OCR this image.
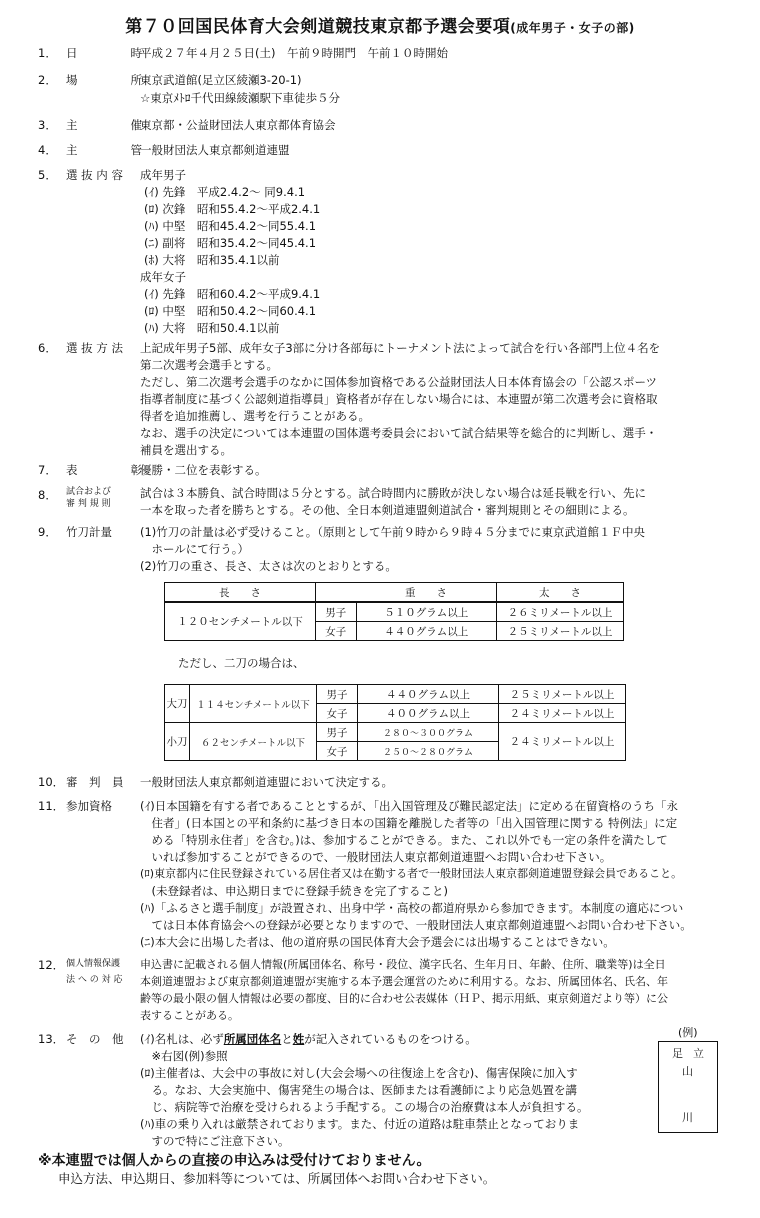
第７０回国民体育大会剣道競技東京都予選会要項(成年男子・女子の部)
1． 日	時
平成２７年４月２５日(土)　午前９時開門　午前１０時開始
2． 場	所
東京武道館(足立区綾瀬3-20-1)
☆東京ﾒﾄﾛ千代田線綾瀬駅下車徒歩５分
3． 主	催
東京都・公益財団法人東京都体育協会
4． 主	管
一般財団法人東京都剣道連盟
5． 選 抜 内 容	成年男子
(ｲ) 先鋒　平成2.4.2～ 同9.4.1
(ﾛ) 次鋒　昭和55.4.2～平成2.4.1
(ﾊ) 中堅　昭和45.4.2～同55.4.1
(ﾆ) 副将　昭和35.4.2～同45.4.1
(ﾎ) 大将　昭和35.4.1以前
成年女子
(ｲ) 先鋒　昭和60.4.2～平成9.4.1
(ﾛ) 中堅　昭和50.4.2～同60.4.1
(ﾊ) 大将　昭和50.4.1以前
6． 選 抜 方 法	上記成年男子5部、成年女子3部に分け各部毎にトーナメント法によって試合を行い各部門上位４名を
第二次選考会選手とする。
ただし、第二次選考会選手のなかに国体参加資格である公益財団法人日本体育協会の「公認スポーツ
指導者制度に基づく公認剣道指導員」資格者が存在しない場合には、本連盟が第二次選考会に資格取
得者を追加推薦し、選考を行うことがある。
なお、選手の決定については本連盟の国体選考委員会において試合結果等を総合的に判断し、選手・
補員を選出する。
7． 表	彰
優勝・二位を表彰する。
8．	試合および
審 判 規 則
試合は３本勝負、試合時間は５分とする。試合時間内に勝敗が決しない場合は延長戦を行い、先に
一本を取った者を勝ちとする。その他、全日本剣道連盟剣道試合・審判規則とその細則による。
9． 竹刀計量	(1)竹刀の計量は必ず受けること。（原則として午前９時から９時４５分までに東京武道館１Ｆ中央
　ホールにて行う。）
(2)竹刀の重さ、長さ、太さは次のとおりとする。
長　　さ		重　　さ	太　　さ
１２０センチメートル以下	男子	５１０グラム以上	２６ミリメートル以上
	女子	４４０グラム以上	２５ミリメートル以上
ただし、二刀の場合は、
大刀	１１４センチメートル以下	男子	４４０グラム以上	２５ミリメートル以上
		女子	４００グラム以上	２４ミリメートル以上
小刀	６２センチメートル以下	男子	２８０～３００グラム	２４ミリメートル以上
		女子	２５０～２８０グラム	
10． 審　判　員	一般財団法人東京都剣道連盟において決定する。
11． 参加資格	(ｲ)日本国籍を有する者であることとするが、「出入国管理及び難民認定法」に定める在留資格のうち「永
　住者」(日本国との平和条約に基づき日本の国籍を離脱した者等の「出入国管理に関する 特例法」に定
　める「特別永住者」を含む。)は、参加することができる。また、これ以外でも一定の条件を満たして
　いれば参加することができるので、一般財団法人東京都剣道連盟へお問い合わせ下さい。
(ﾛ)東京都内に住民登録されている居住者又は在勤する者で一般財団法人東京都剣道連盟登録会員であること。
　(未登録者は、申込期日までに登録手続きを完了すること)
(ﾊ)「ふるさと選手制度」が設置され、出身中学・高校の都道府県から参加できます。本制度の適応につい
　ては日本体育協会への登録が必要となりますので、一般財団法人東京都剣道連盟へお問い合わせ下さい。
(ﾆ)本大会に出場した者は、他の道府県の国民体育大会予選会には出場することはできない。
12． 個人情報保護
法 へ の 対 応
申込書に記載される個人情報(所属団体名、称号・段位、漢字氏名、生年月日、年齢、住所、職業等)は全日
本剣道連盟および東京都剣道連盟が実施する本予選会運営のために利用する。なお、所属団体名、氏名、年
齢等の最小限の個人情報は必要の都度、目的に合わせ公表媒体（ＨＰ、掲示用紙、東京剣道だより等）に公
表することがある。
13． そ　の　他	(ｲ)名札は、必ず所属団体名と姓が記入されているものをつける。
　※右図(例)参照
(ﾛ)主催者は、大会中の事故に対し(大会会場への往復途上を含む)、傷害保険に加入す
　る。なお、大会実施中、傷害発生の場合は、医師または看護師により応急処置を講
　じ、病院等で治療を受けられるよう手配する。この場合の治療費は本人が負担する。
(ﾊ)車の乗り入れは厳禁されております。また、付近の道路は駐車禁止となっておりま
　すので特にご注意下さい。
(例)
足 立
山
川
※本連盟では個人からの直接の申込みは受付けておりません。
申込方法、申込期日、参加料等については、所属団体へお問い合わせ下さい。
